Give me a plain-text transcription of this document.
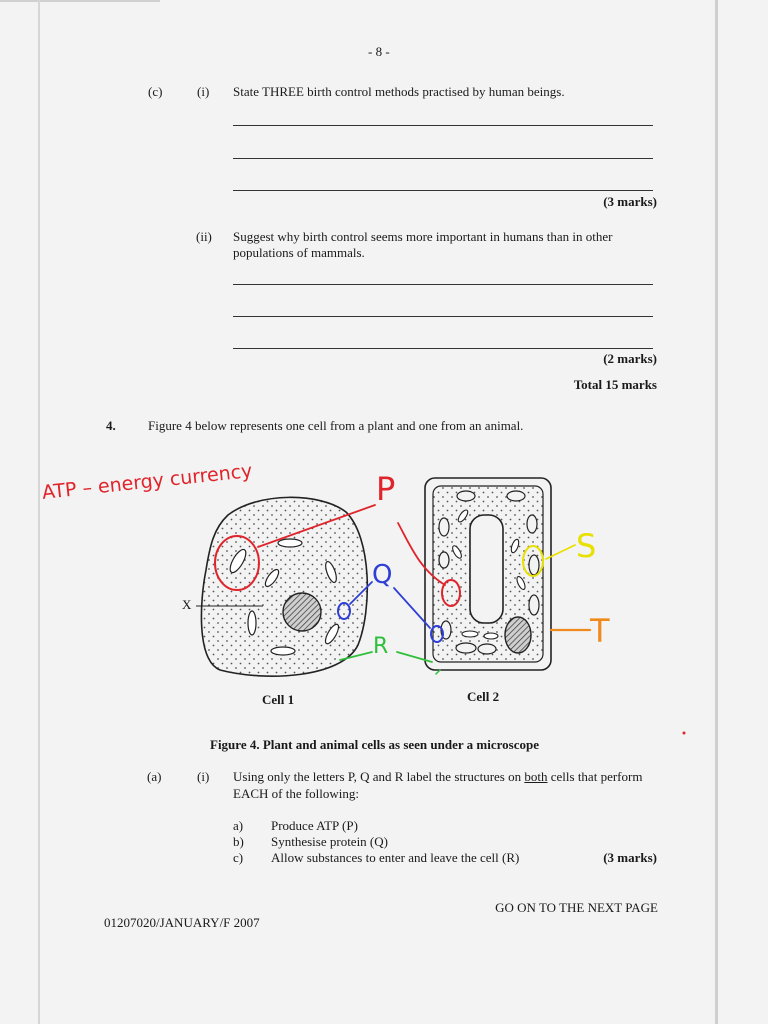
- 8 -
(c)	(i) State THREE birth control methods practised by human beings.
(3 marks)
(ii) Suggest why birth control seems more important in humans than in other
populations of mammals.
(2 marks)
Total 15 marks
4. Figure 4 below represents one cell from a plant and one from an animal.
ATP – energy currency	P
Q
R
S
T
X
Cell 1	Cell 2
Figure 4. Plant and animal cells as seen under a microscope
(a)	(i) Using only the letters P, Q and R label the structures on both cells that perform
EACH of the following:
a) Produce ATP (P)
b) Synthesise protein (Q)
c) Allow substances to enter and leave the cell (R)	(3 marks)
GO ON TO THE NEXT PAGE
01207020/JANUARY/F 2007
